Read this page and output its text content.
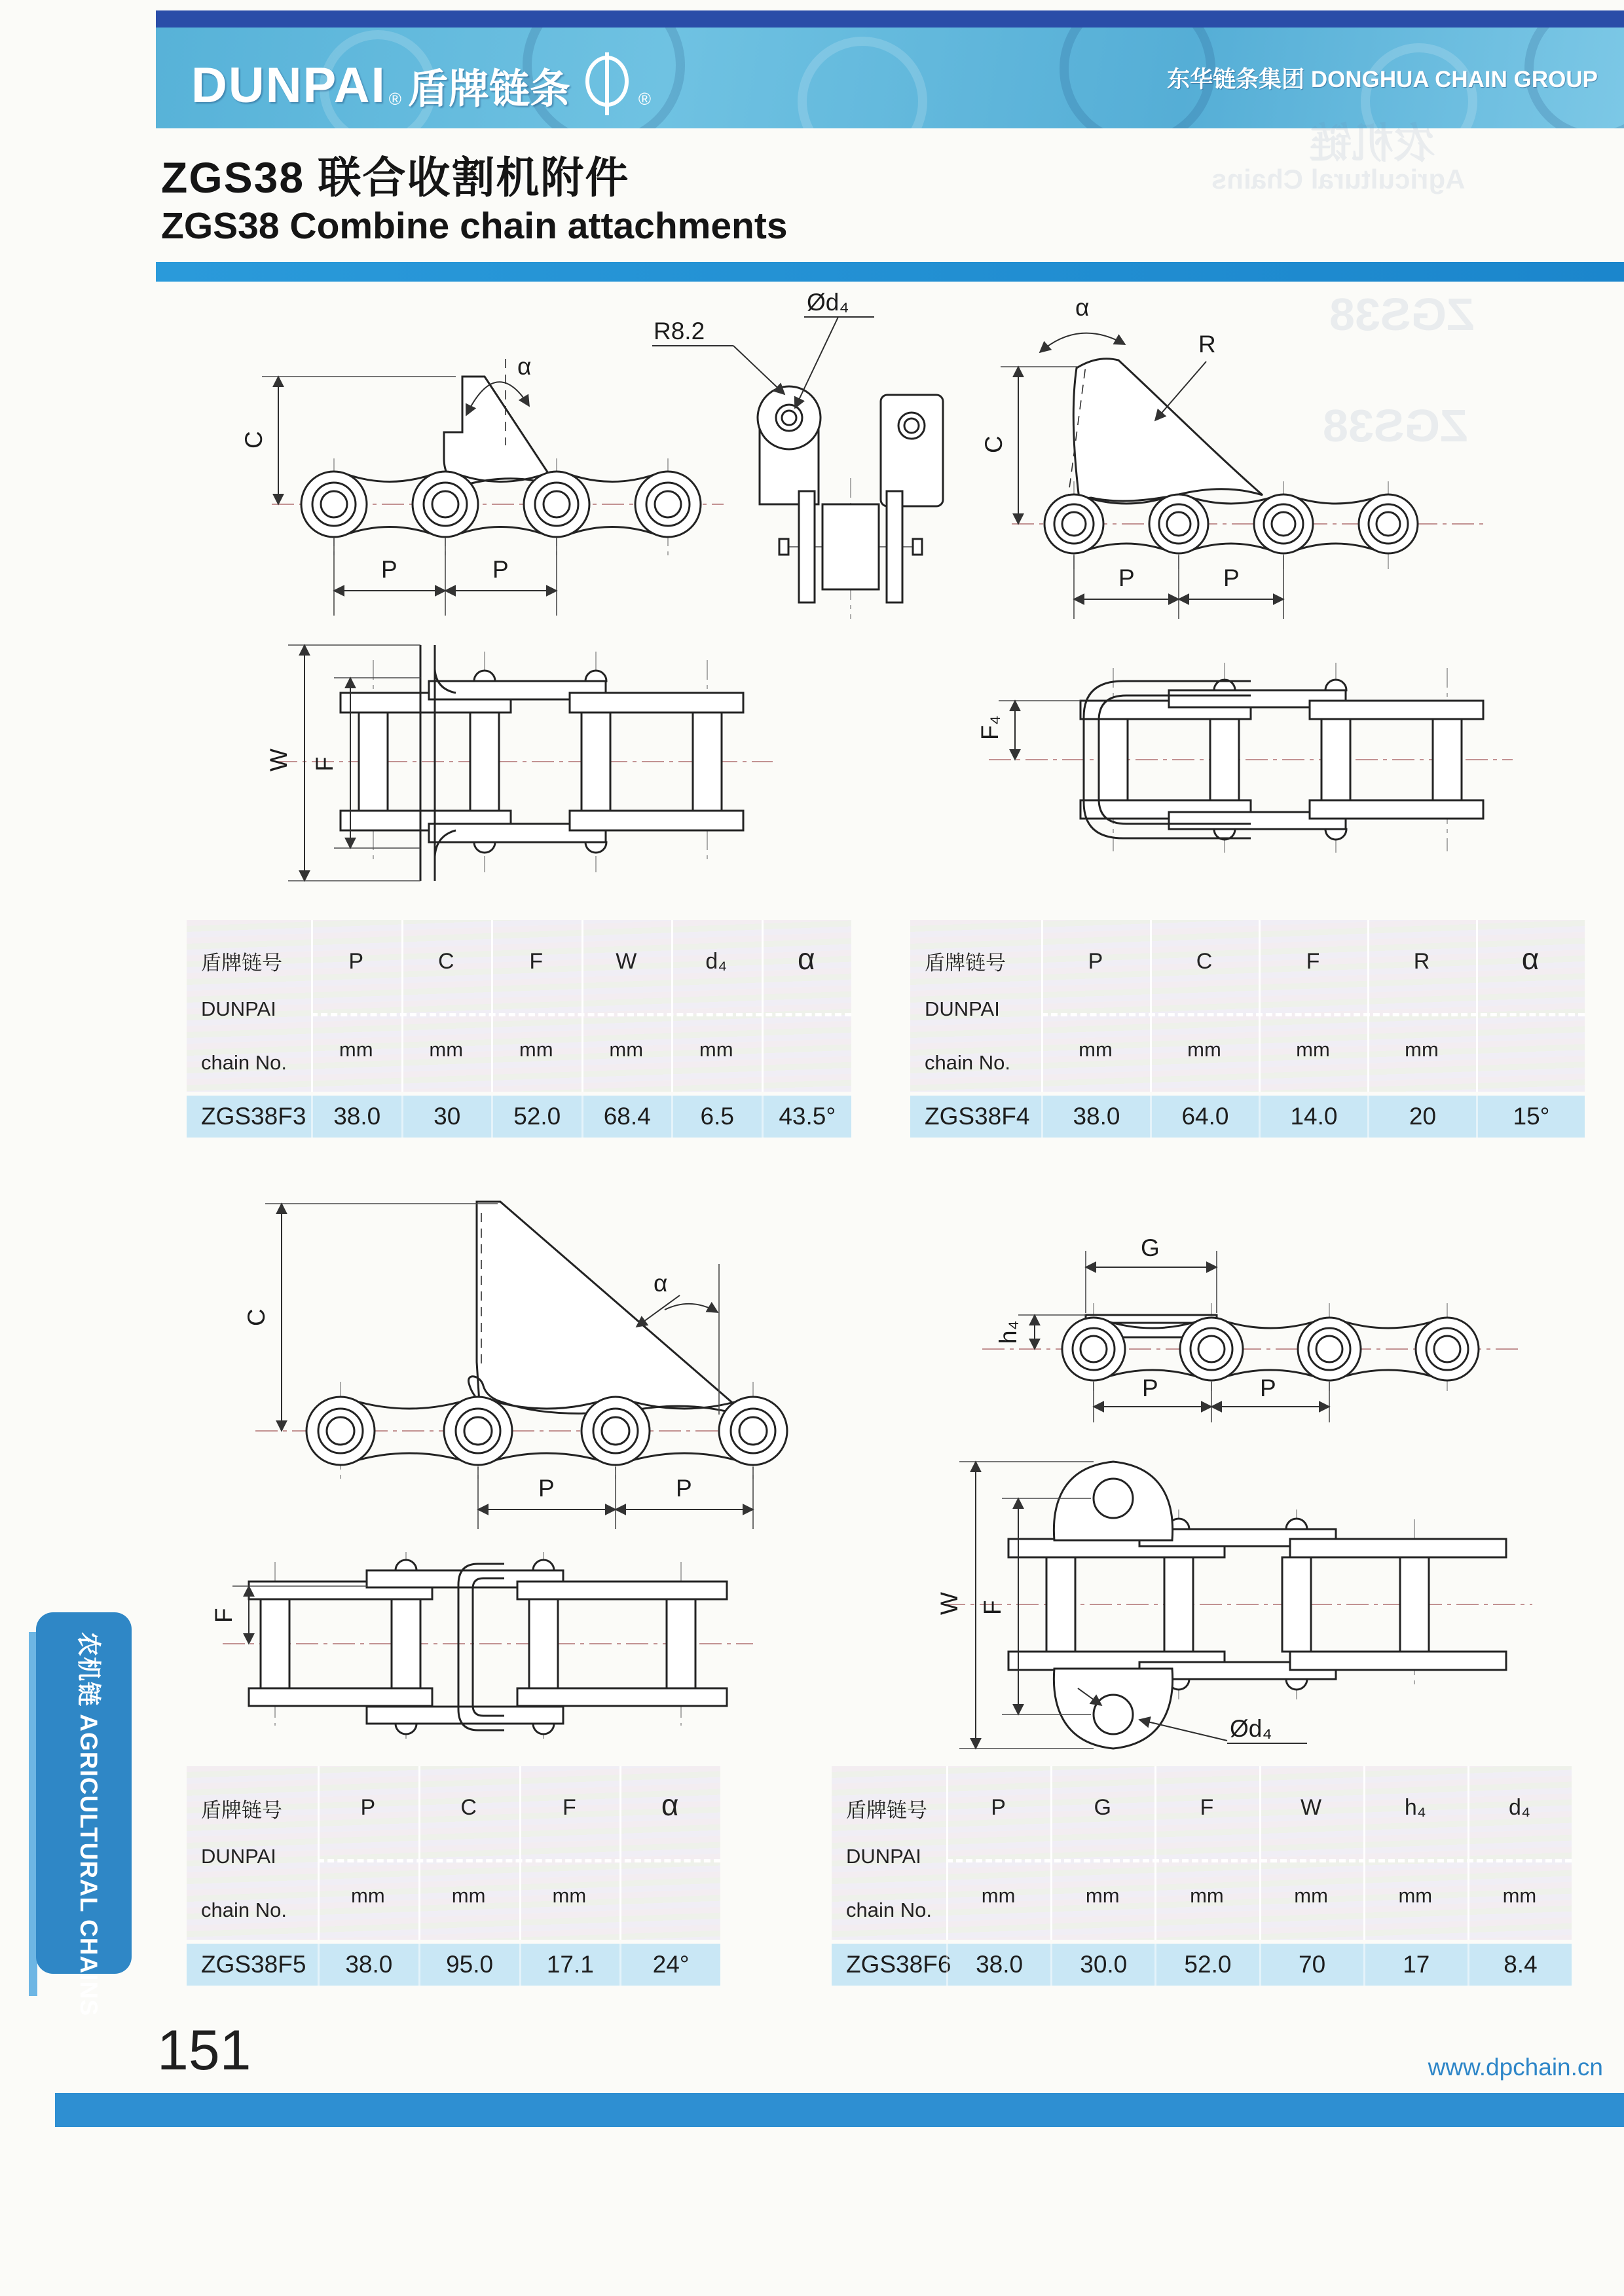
DUNPAI ® 盾牌链条	®
东华链条集团 DONGHUA CHAIN GROUP
ZGS38 联合收割机附件
ZGS38 Combine chain attachments
农机链
Agricultural Chains
ZGS38
ZGS38
C
α
P	P
R8.2
Ød₄	α
R
C
P	P
W F
F₄
C
α
P	P
F
G
h₄
P	P
W F
Ød₄
盾牌链号
DUNPAI
chain No.
P	C	F	W	d₄	α
mm	mm	mm	mm	mm
ZGS38F3	38.0	30	52.0	68.4	6.5	43.5°
盾牌链号
DUNPAI
chain No.
P	C	F	R	α
mm	mm	mm	mm
ZGS38F4	38.0	64.0	14.0	20	15°
盾牌链号
DUNPAI
chain No.
P	C	F	α
mm	mm	mm
ZGS38F5	38.0	95.0	17.1	24°
盾牌链号
DUNPAI
chain No.
P	G	F	W	h₄	d₄
mm	mm	mm	mm	mm	mm
ZGS38F6	38.0	30.0	52.0	70	17	8.4
农机链 AGRICULTURAL CHAINS
151	www.dpchain.cn
